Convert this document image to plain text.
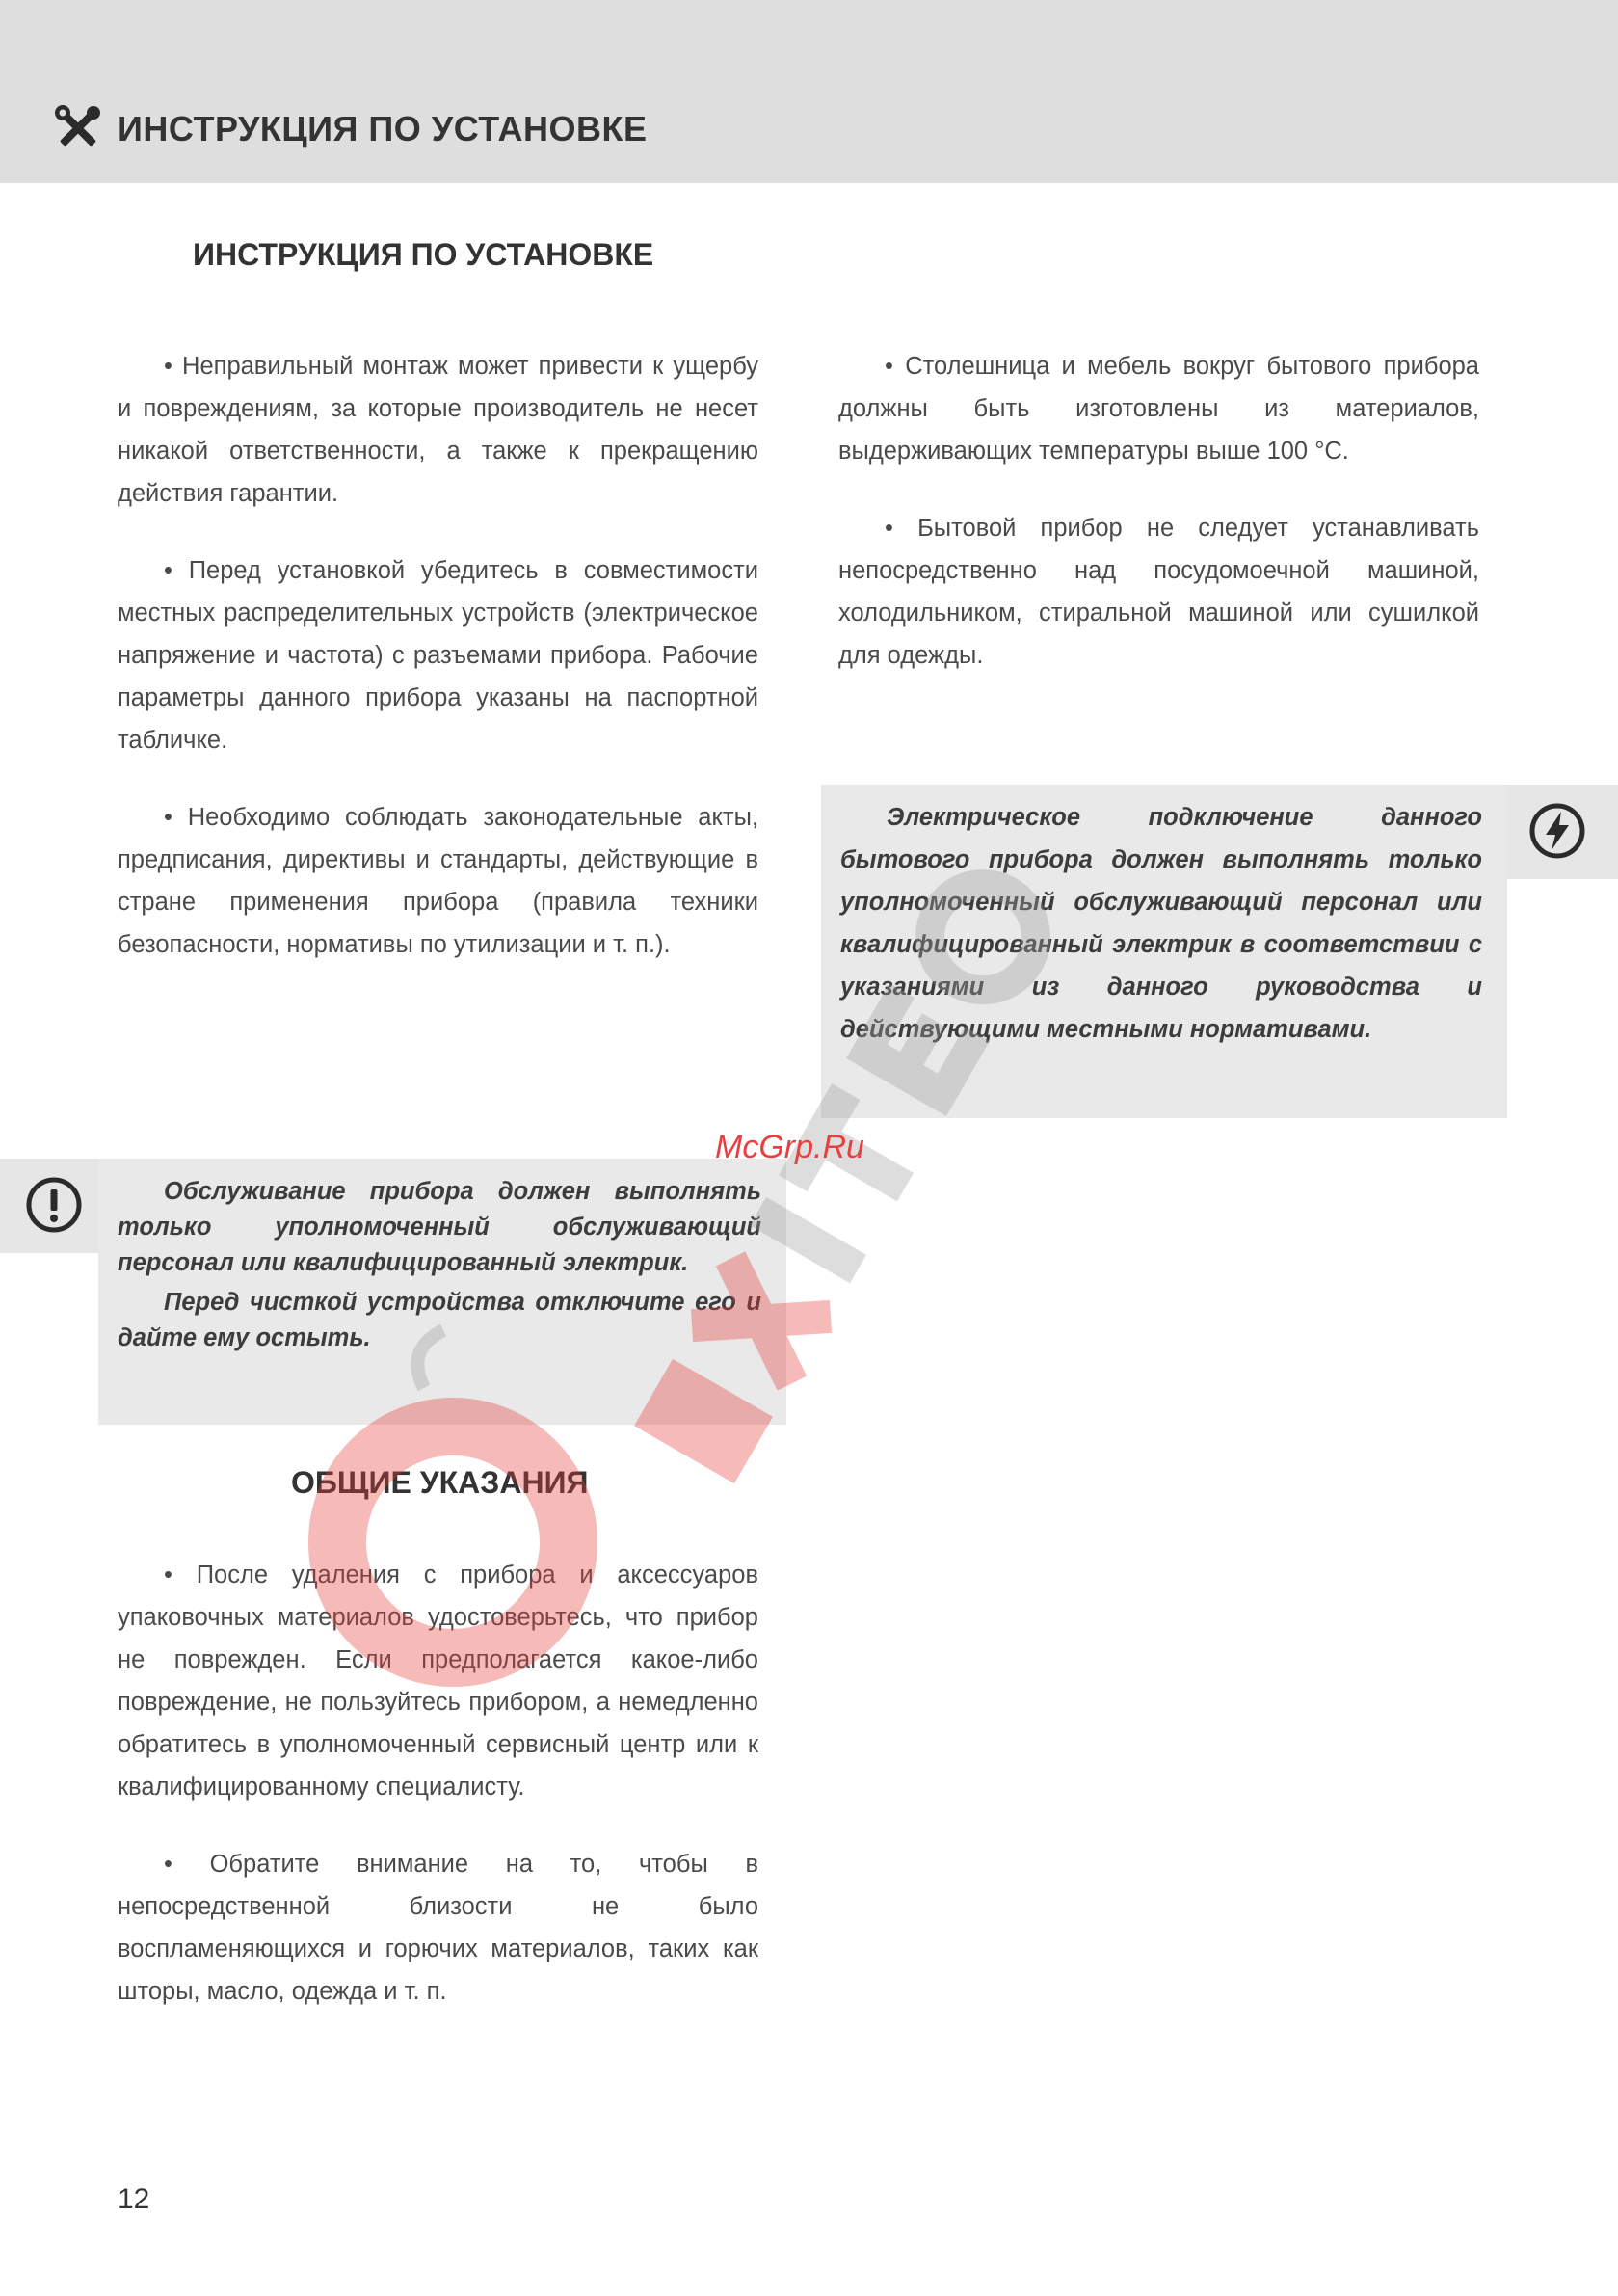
ИНСТРУКЦИЯ ПО УСТАНОВКЕ
ИНСТРУКЦИЯ ПО УСТАНОВКЕ

• Неправильный монтаж может привести к ущербу и повреждениям, за которые производитель не несет никакой ответственности, а также к прекращению действия гарантии.

• Перед установкой убедитесь в совместимости местных распределительных устройств (электрическое напряжение и частота) с разъемами прибора. Рабочие параметры данного прибора указаны на паспортной табличке.

• Необходимо соблюдать законодательные акты, предписания, директивы и стандарты, действующие в стране применения прибора (правила техники безопасности, нормативы по утилизации и т. п.).

• Столешница и мебель вокруг бытового прибора должны быть изготовлены из материалов, выдерживающих температуры выше 100 °C.

• Бытовой прибор не следует устанавливать непосредственно над посудомоечной машиной, холодильником, стиральной машиной или сушилкой для одежды.

Электрическое подключение данного бытового прибора должен выполнять только уполномоченный обслуживающий персонал или квалифицированный электрик в соответствии с указаниями из данного руководства и действующими местными нормативами.

Обслуживание прибора должен выполнять только уполномоченный обслуживающий персонал или квалифицированный электрик.

Перед чисткой устройства отключите его и дайте ему остыть.

ОБЩИЕ УКАЗАНИЯ

• После удаления с прибора и аксессуаров упаковочных материалов удостоверьтесь, что прибор не поврежден. Если предполагается какое-либо повреждение, не пользуйтесь прибором, а немедленно обратитесь в уполномоченный сервисный центр или к квалифицированному специалисту.

• Обратите внимание на то, чтобы в непосредственной близости не было воспламеняющихся и горючих материалов, таких как шторы, масло, одежда и т. п.

McGrp.Ru
12
